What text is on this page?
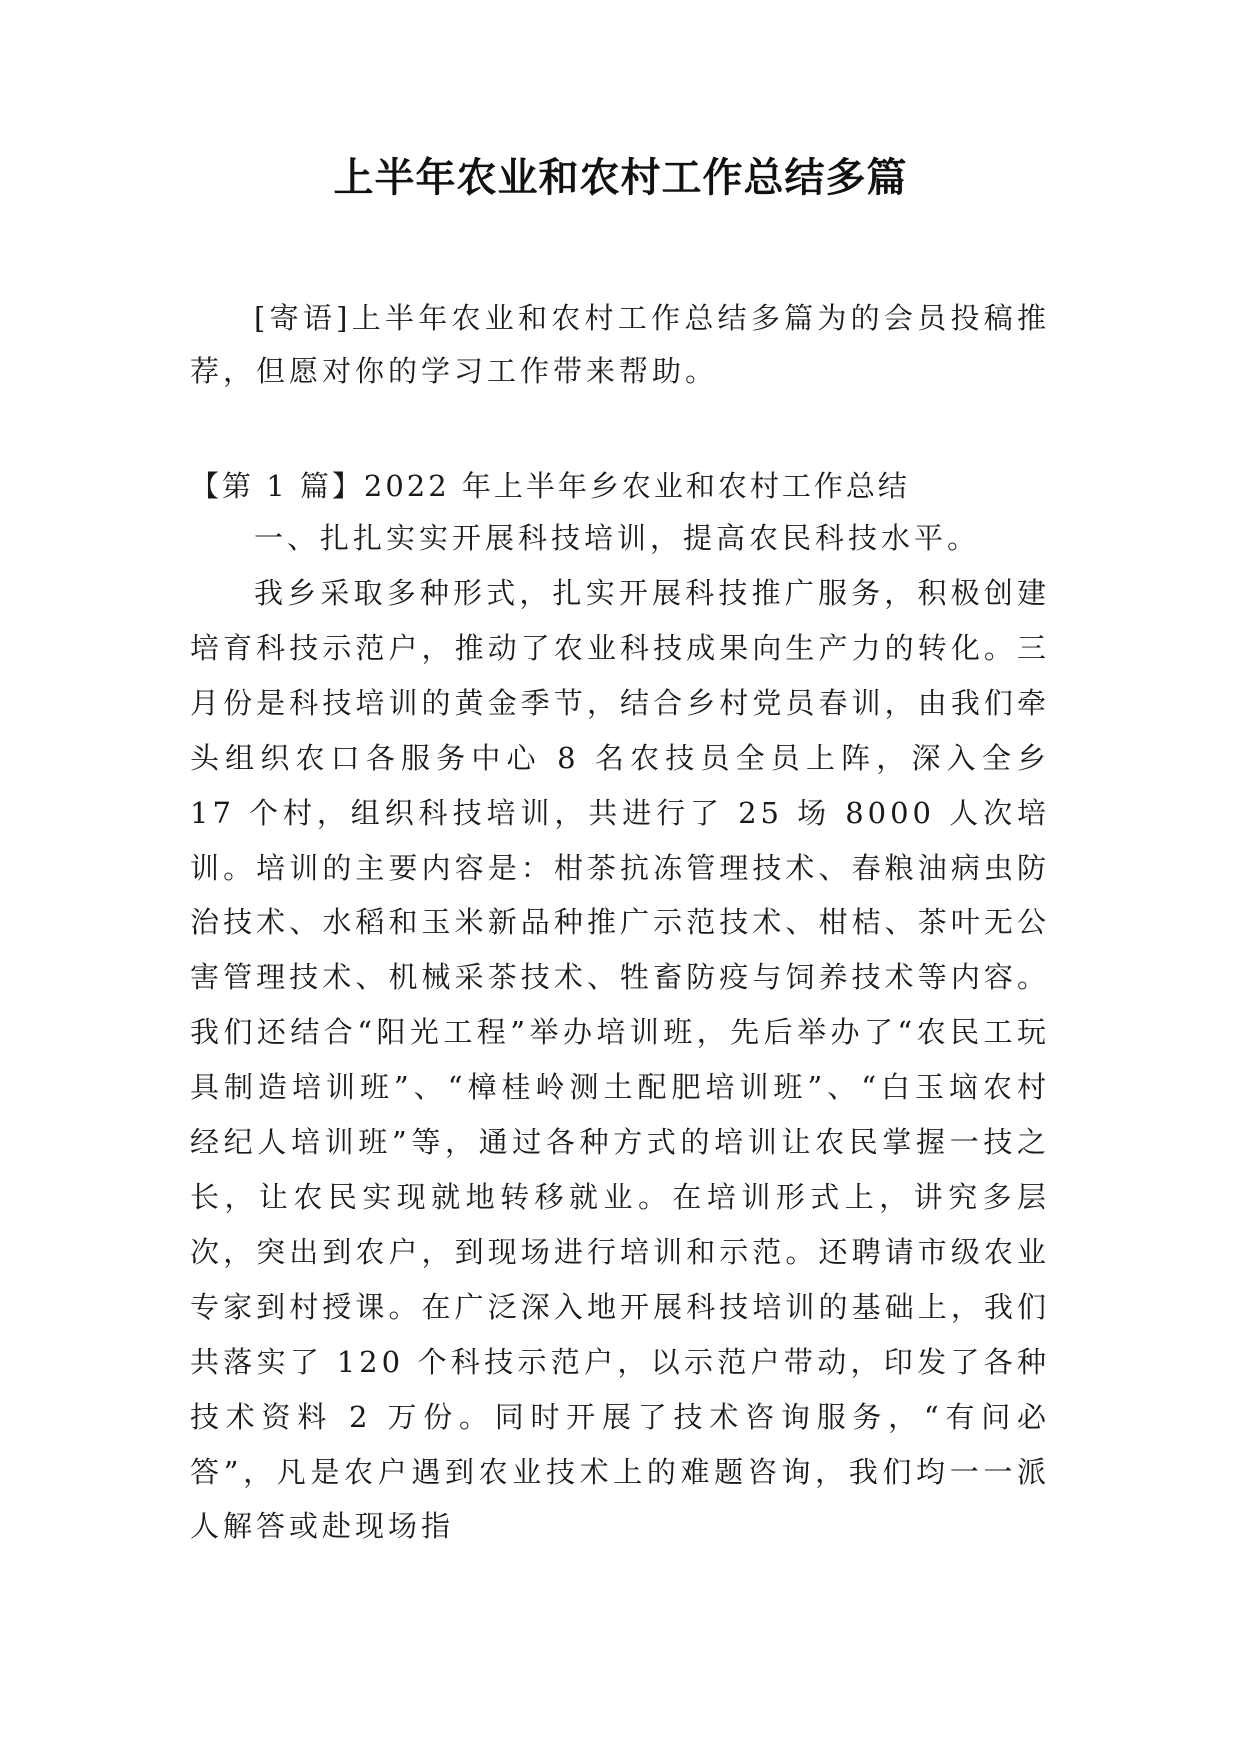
上半年农业和农村工作总结多篇

[寄语]上半年农业和农村工作总结多篇为的会员投稿推荐，但愿对你的学习工作带来帮助。

【第 1 篇】2022 年上半年乡农业和农村工作总结

一、扎扎实实开展科技培训，提高农民科技水平。

我乡采取多种形式，扎实开展科技推广服务，积极创建培育科技示范户，推动了农业科技成果向生产力的转化。三月份是科技培训的黄金季节，结合乡村党员春训，由我们牵头组织农口各服务中心 8 名农技员全员上阵，深入全乡 17 个村，组织科技培训，共进行了 25 场 8000 人次培训。培训的主要内容是：柑茶抗冻管理技术、春粮油病虫防治技术、水稻和玉米新品种推广示范技术、柑桔、茶叶无公害管理技术、机械采茶技术、牲畜防疫与饲养技术等内容。我们还结合“阳光工程”举办培训班，先后举办了“农民工玩具制造培训班”、“樟桂岭测土配肥培训班”、“白玉垴农村经纪人培训班”等，通过各种方式的培训让农民掌握一技之长，让农民实现就地转移就业。在培训形式上，讲究多层次，突出到农户，到现场进行培训和示范。还聘请市级农业专家到村授课。在广泛深入地开展科技培训的基础上，我们共落实了 120 个科技示范户，以示范户带动，印发了各种技术资料 2 万份。同时开展了技术咨询服务，“有问必答”，凡是农户遇到农业技术上的难题咨询，我们均一一派人解答或赴现场指
